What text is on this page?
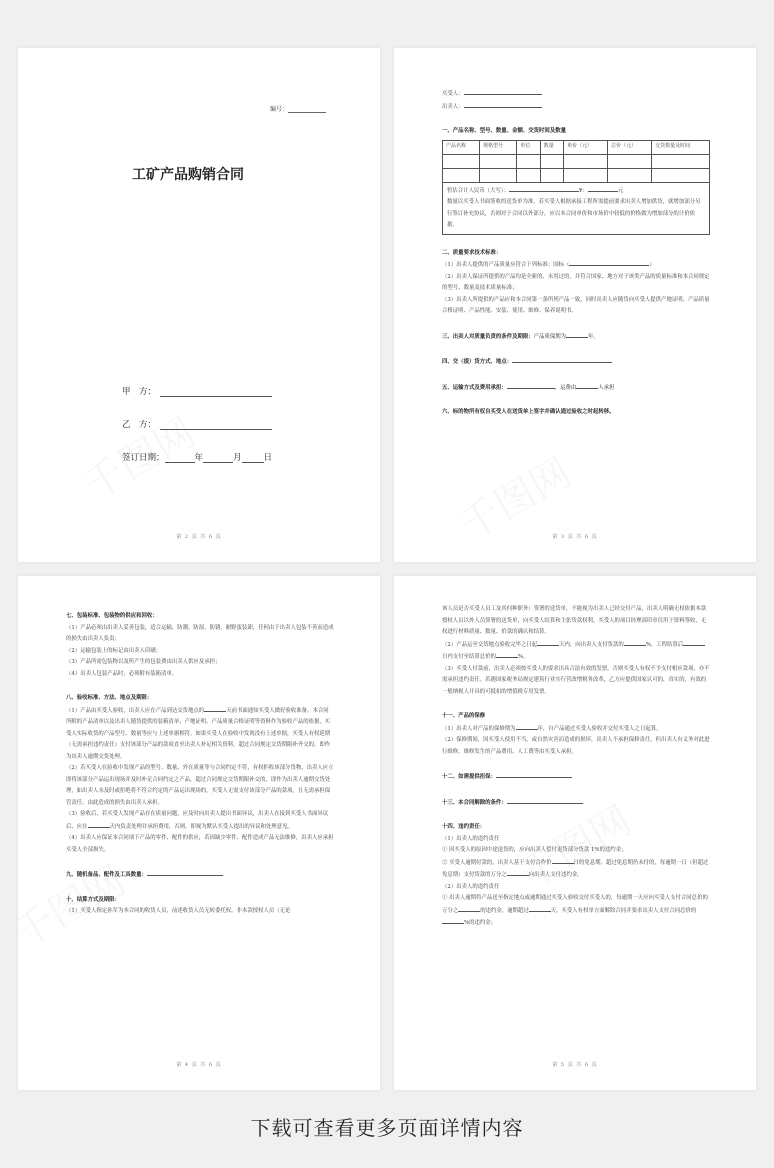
编号：
工矿产品购销合同
甲　方：
乙　方：
签订日期：	年	月	日
第 2 页 共 6 页

买受人：

出卖人：

一、产品名称、型号、数量、金额、交货时间及数量

产品名称	规格型号	单位	数量	单价（元）	总价（元）	交货数量及时间

暂估合计人民币（大写）：	¥：	元

数量以买受人书面签收的送货单为准，若买受人根据承接工程所需提前要求出卖人增加供货，就增加部分另行签订补充协议，否则对于合同以外部分，应以本合同单价和市场价中较低的价格做为增加部分的计价依据。

二、质量要求技术标准：

（1）出卖人提供的产品质量应符合下列标准：国标（	）

（2）出卖人保证所提供的产品均是全新的、未用过的，并符合国家、地方对于该类产品的质量标准和本合同规定的型号、数量及技术质量标准；

（3）出卖人所提供的产品应和本合同第一条所列产品一致，同时出卖人应随货向买受人提供产地证明、产品质量合格证明、产品性能、安装、使用、维修、保养说明书。

三、出卖人对质量负责的条件及期限：产品质保期为	年。

四、交（提）货方式、地点：

五、运输方式及费用承担：	，运费由	人承担

六、标的物所有权自买受人在送货单上签字并确认通过验收之时起转移。

第 3 页 共 6 页

七、包装标准、包装物的供应和回收：

（1）产品必须由出卖人妥善包装，适合运输、防潮、防湿、防锈，耐野蛮装卸，任何由于出卖人包装不善而造成的损失由出卖人负责；

（2）运输包装上的标记由出卖人印刷；

（3）产品所需包装物以及所产生的包装费由出卖人供应及承担；

（4）出卖人包装产品时，必须附有装箱清单。

八、验收标准、方法、地点及期限：

（1）产品由买受人验收，出卖人应在产品到达交货地点的	天前书面通知买受人做好验收准备。本合同所附的产品清单以及出卖人随货提供的装箱清单、产地证明、产品质量合格证明等资料作为验收产品的依据，买受人实际收货的产品型号、数量等应与上述单据相符。如果买受人在验收中发现没有上述单据，买受人有权延期（无需承担违约责任）支付该部分产品的款项直至出卖人补足相关资料，超过合同规定交货期限补齐交的，即作为出卖人逾期交货处理。

（2）若买受人在验收中发现产品的型号、数量、外在质量等与合同约定不符，有权拒收该部分货物，出卖人应立即将该部分产品运出现场并及时补足合同约定之产品，超过合同规定交货期限补交的，即作为出卖人逾期交货处理，如出卖人未及时或拒绝将不符合约定的产品运出现场的，买受人无需支付该部分产品的款项，且无需承担保管责任，由此造成的损失由出卖人承担。

（3）验收后，若买受人发现产品存在质量问题，应及时向出卖人提出书面异议，出卖人在接到买受人书面异议后，应在	天内负责处理并承担费用，否则，即视为默认买受人提出的异议和处理意见。

（4）出卖人应保证本合同项下产品的零件、配件的供应，若因缺少零件、配件造成产品无法维修，出卖人应承担买受人全部损失。

九、随机备品、配件及工具数量：

十、结算方式及期限：

（1）买受人指定孙军为本合同的收货人员，前述收货人员无转委托权，非本款授权人员（无论

第 4 页 共 6 页

该人员是否买受人员工及其何种职务）签署的送货单，不能视为出卖人已经交付产品，出卖人明确无权依据本款授权人员以外人员签署的送货单，向买受人结算和主张货款权利，买受人的项目经理部印章仅用于资料签收，无权进行材料质量、数量、价款的确认和结算。

（2）产品运至交货地点验收完毕之日起	天内，向出卖人支付货款的	%，工程结算后日内支付至结算总价的	%。

（3）买受人付款前，出卖人必须按买受人的要求出具合法有效的发票，否则买受人有权不予支付相应款项，亦不需承担违约责任。若遇国家税务局规定建筑行业实行营改增税务改革，乙方应提供国家认可的，真实的，有效的一般纳税人开具的可抵扣的增值税专用发票。

十一、产品的保修

（1）出卖人对产品的保修期为	年，自产品通过买受人验收并交付买受人之日起算。

（2）保修期间，因买受人使用不当，或自然灾害而造成的损坏，出卖人不承担保修责任，但出卖人有义务对此进行维修，维修发生的产品费用、人工费等由买受人承担。

十二、如需提供担保：

十三、本合同解除的条件：

十四、违约责任：

（1）出卖人的违约责任

① 因买受人的原因中途退货的，应向出卖人偿付退货部分货款 1%的违约金；

② 买受人逾期付款的，出卖人基于支付合作价	日的免息期，超过免息期仍未付的，每逾期一日（但超过免息期）支付货款的万分之	向出卖人支付违约金。

（2）出卖人的违约责任

① 出卖人逾期将产品送至指定地点或逾期通过买受人验收交付买受人的，每逾期一天应向买受人支付合同总价的万分之	的违约金，逾期超过	天，买受人有权单方面解除合同并要求出卖人支付合同总价的%的违约金；

第 5 页 共 6 页
下载可查看更多页面详情内容
